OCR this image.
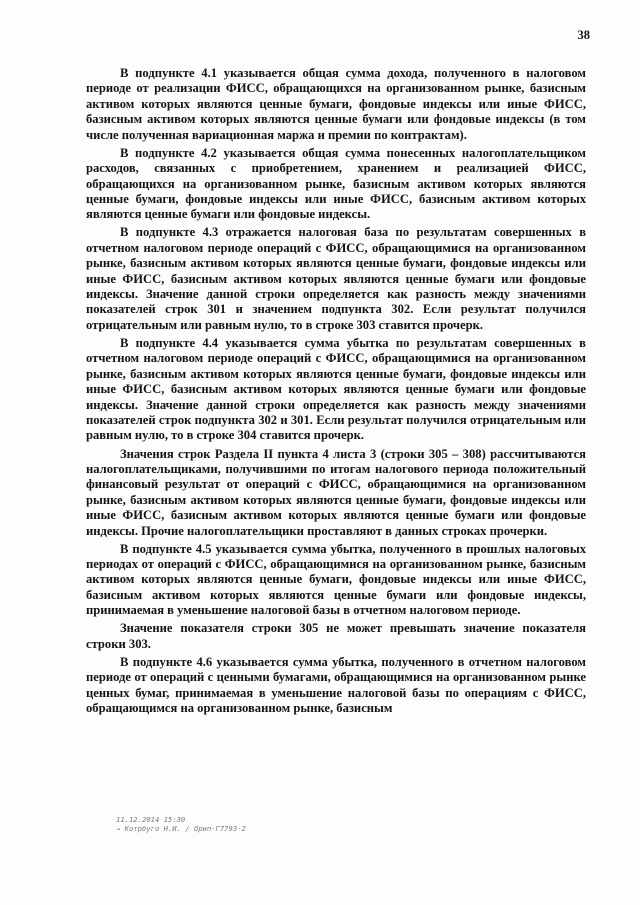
38

В подпункте 4.1 указывается общая сумма дохода, полученного в налоговом периоде от реализации ФИСС, обращающихся на организованном рынке, базисным активом которых являются ценные бумаги, фондовые индексы или иные ФИСС, базисным активом которых являются ценные бумаги или фондовые индексы (в том числе полученная вариационная маржа и премии по контрактам).

В подпункте 4.2 указывается общая сумма понесенных налогоплательщиком расходов, связанных с приобретением, хранением и реализацией ФИСС, обращающихся на организованном рынке, базисным активом которых являются ценные бумаги, фондовые индексы или иные ФИСС, базисным активом которых являются ценные бумаги или фондовые индексы.

В подпункте 4.3 отражается налоговая база по результатам совершенных в отчетном налоговом периоде операций с ФИСС, обращающимися на организованном рынке, базисным активом которых являются ценные бумаги, фондовые индексы или иные ФИСС, базисным активом которых являются ценные бумаги или фондовые индексы. Значение данной строки определяется как разность между значениями показателей строк 301 и значением подпункта 302. Если результат получился отрицательным или равным нулю, то в строке 303 ставится прочерк.

В подпункте 4.4 указывается сумма убытка по результатам совершенных в отчетном налоговом периоде операций с ФИСС, обращающимися на организованном рынке, базисным активом которых являются ценные бумаги, фондовые индексы или иные ФИСС, базисным активом которых являются ценные бумаги или фондовые индексы. Значение данной строки определяется как разность между значениями показателей строк подпункта 302 и 301. Если результат получился отрицательным или равным нулю, то в строке 304 ставится прочерк.

Значения строк Раздела II пункта 4 листа 3 (строки 305 – 308) рассчитываются налогоплательщиками, получившими по итогам налогового периода положительный финансовый результат от операций с ФИСС, обращающимися на организованном рынке, базисным активом которых являются ценные бумаги, фондовые индексы или иные ФИСС, базисным активом которых являются ценные бумаги или фондовые индексы. Прочие налогоплательщики проставляют в данных строках прочерки.

В подпункте 4.5 указывается сумма убытка, полученного в прошлых налоговых периодах от операций с ФИСС, обращающимися на организованном рынке, базисным активом которых являются ценные бумаги, фондовые индексы или иные ФИСС, базисным активом которых являются ценные бумаги или фондовые индексы, принимаемая в уменьшение налоговой базы в отчетном налоговом периоде.

Значение показателя строки 305 не может превышать значение показателя строки 303.

В подпункте 4.6 указывается сумма убытка, полученного в отчетном налоговом периоде от операций с ценными бумагами, обращающимися на организованном рынке ценных бумаг, принимаемая в уменьшение налоговой базы по операциям с ФИСС, обращающимся на организованном рынке, базисным

11.12.2014 15:30
→ Котрбуго Н.И. / Орип-Г7793-2
